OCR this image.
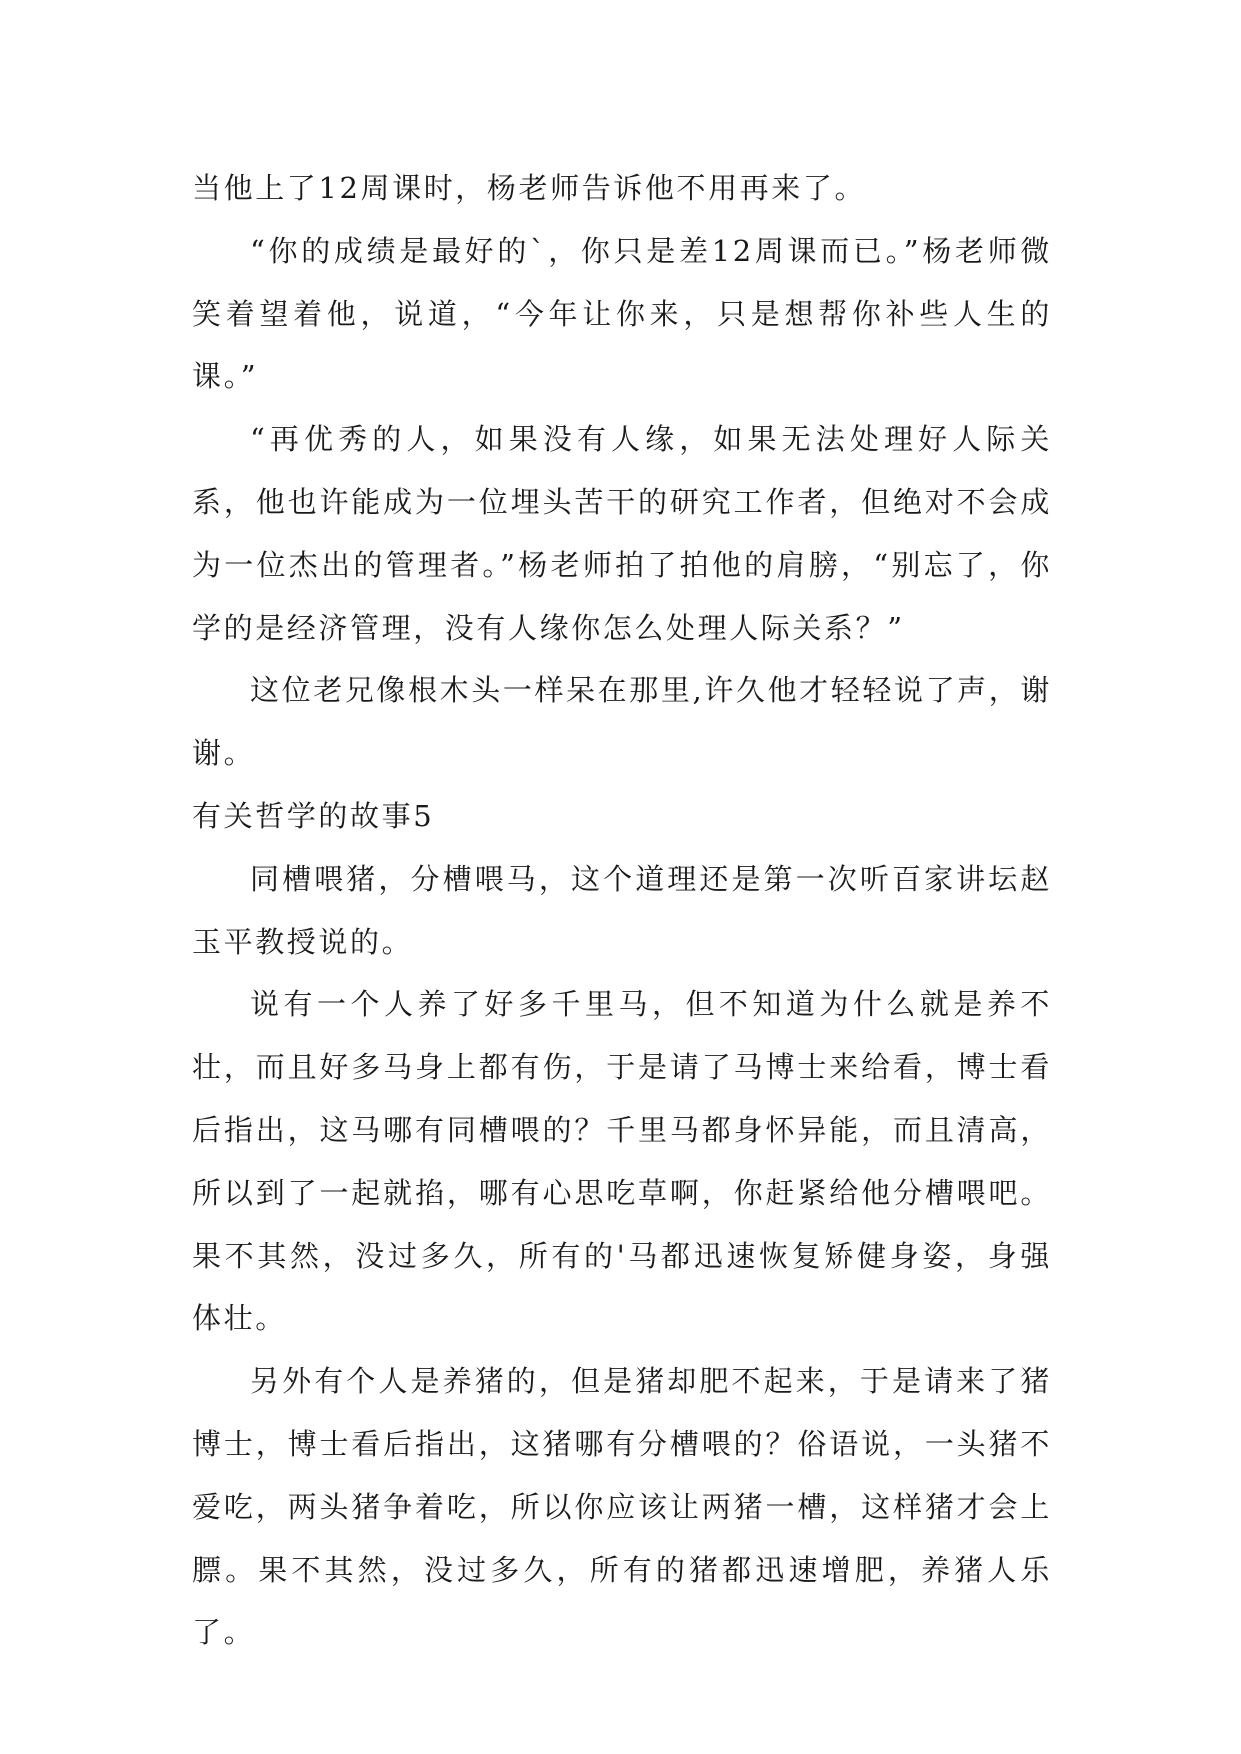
当他上了12周课时，杨老师告诉他不用再来了。

“你的成绩是最好的`，你只是差12周课而已。”杨老师微笑着望着他，说道，“今年让你来，只是想帮你补些人生的课。”

“再优秀的人，如果没有人缘，如果无法处理好人际关系，他也许能成为一位埋头苦干的研究工作者，但绝对不会成为一位杰出的管理者。”杨老师拍了拍他的肩膀，“别忘了，你学的是经济管理，没有人缘你怎么处理人际关系？”

这位老兄像根木头一样呆在那里,许久他才轻轻说了声，谢谢。

有关哲学的故事5

同槽喂猪，分槽喂马，这个道理还是第一次听百家讲坛赵玉平教授说的。

说有一个人养了好多千里马，但不知道为什么就是养不壮，而且好多马身上都有伤，于是请了马博士来给看，博士看后指出，这马哪有同槽喂的？千里马都身怀异能，而且清高，所以到了一起就掐，哪有心思吃草啊，你赶紧给他分槽喂吧。果不其然，没过多久，所有的'马都迅速恢复矫健身姿，身强体壮。

另外有个人是养猪的，但是猪却肥不起来，于是请来了猪博士，博士看后指出，这猪哪有分槽喂的？俗语说，一头猪不爱吃，两头猪争着吃，所以你应该让两猪一槽，这样猪才会上膘。果不其然，没过多久，所有的猪都迅速增肥，养猪人乐了。
